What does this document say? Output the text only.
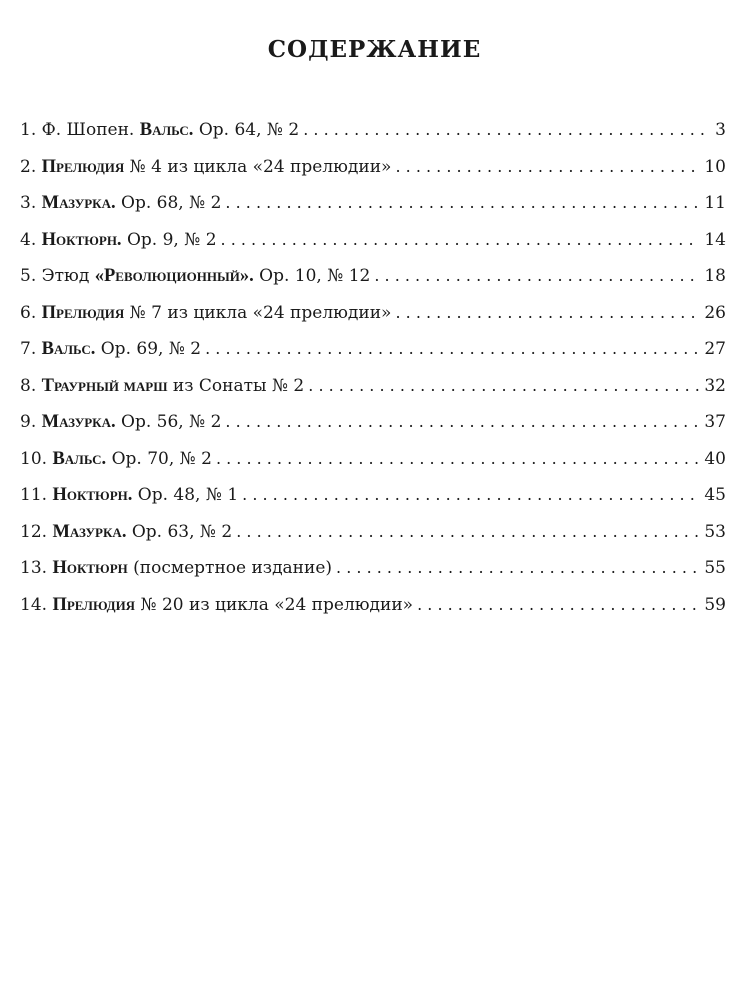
СОДЕРЖАНИЕ
1. Ф. Шопен. Вальс. Ор. 64, № 2 . . .	3
2. Прелюдия № 4 из цикла «24 прелюдии» . . .	10
3. Мазурка. Ор. 68, № 2 . . .	11
4. Ноктюрн. Ор. 9, № 2 . . .	14
5. Этюд «Революционный». Ор. 10, № 12 . . .	18
6. Прелюдия № 7 из цикла «24 прелюдии» . . .	26
7. Вальс. Ор. 69, № 2 . . .	27
8. Траурный марш из Сонаты № 2 . . .	32
9. Мазурка. Ор. 56, № 2 . . .	37
10. Вальс. Ор. 70, № 2 . . .	40
11. Ноктюрн. Ор. 48, № 1 . . .	45
12. Мазурка. Ор. 63, № 2 . . .	53
13. Ноктюрн (посмертное издание) . . .	55
14. Прелюдия № 20 из цикла «24 прелюдии» . . .	59
